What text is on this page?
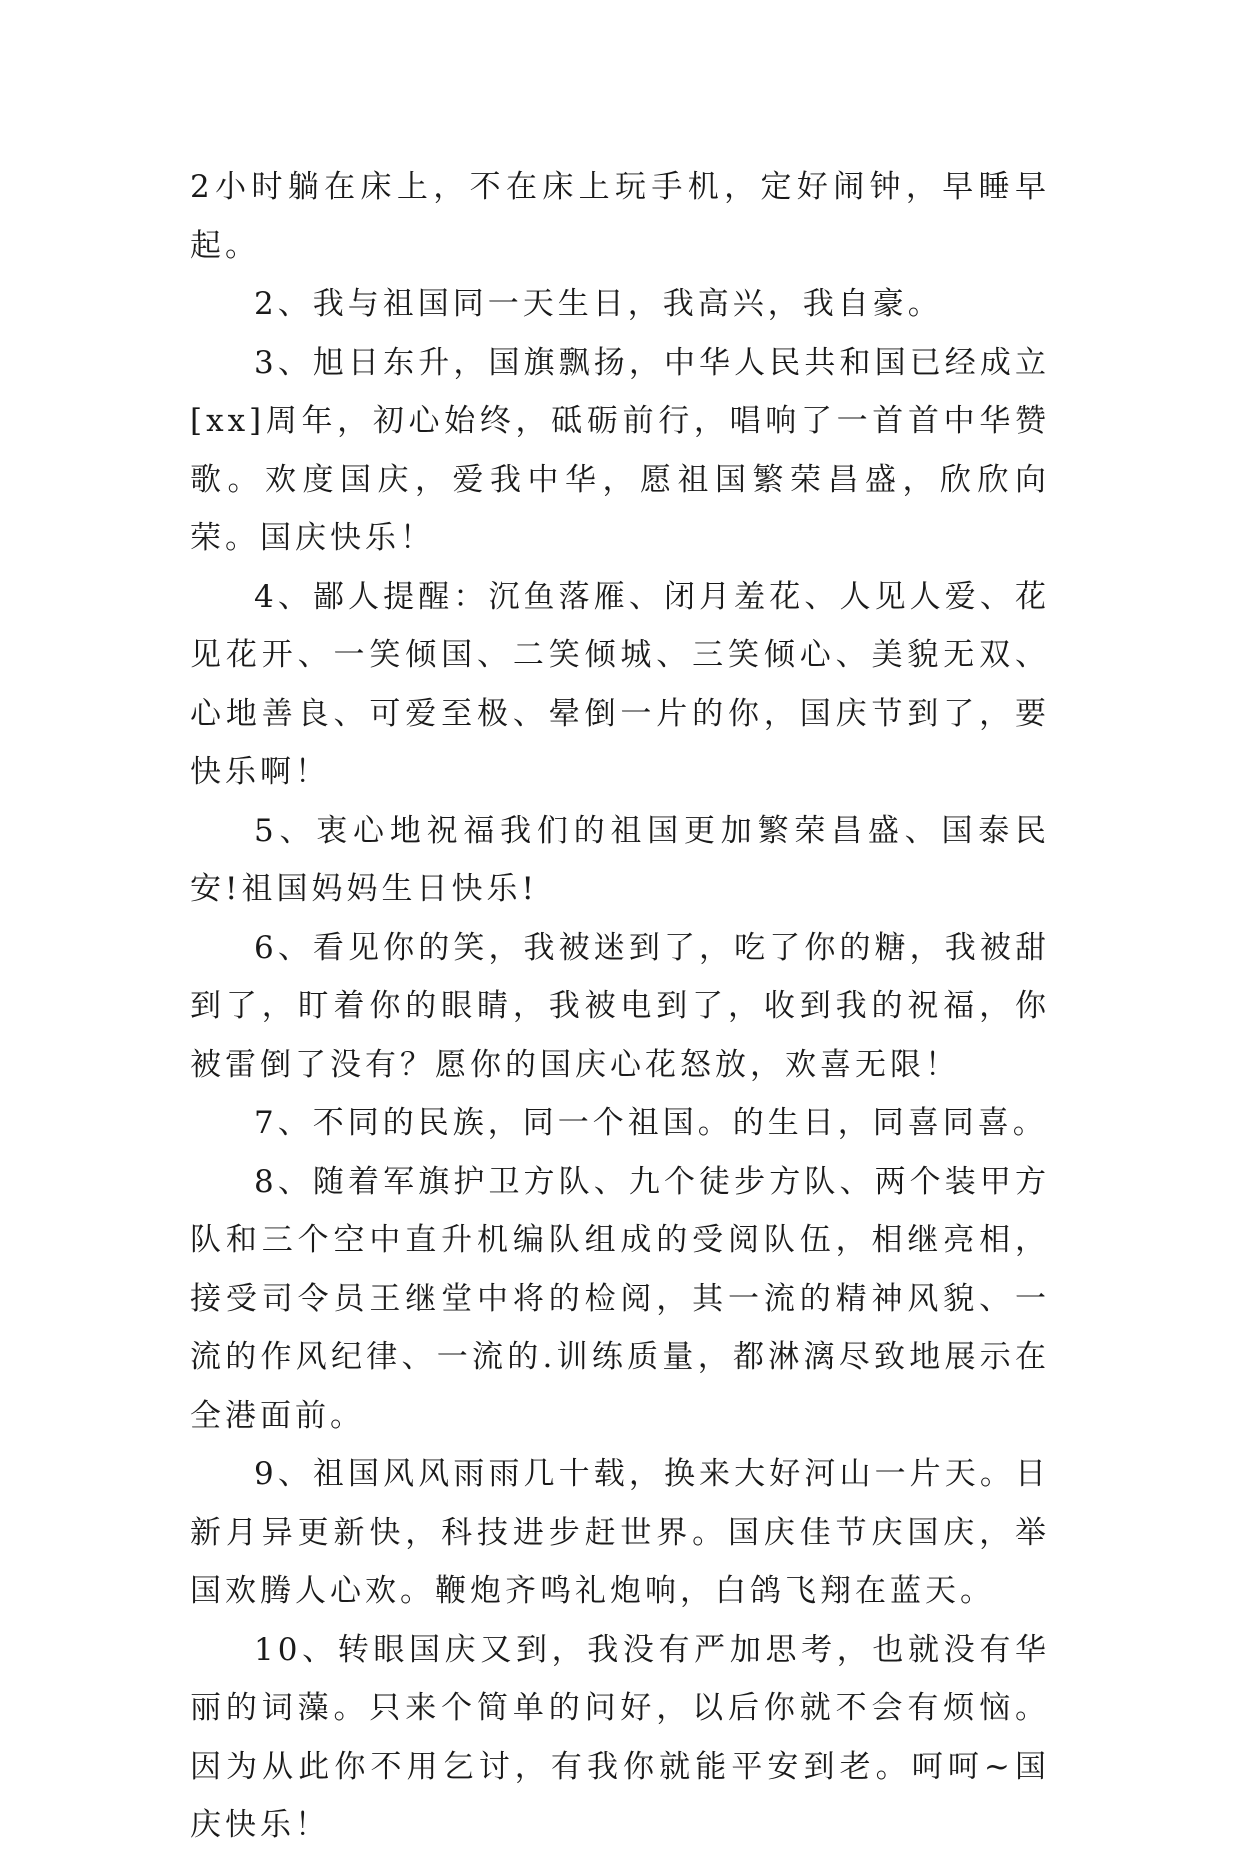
2小时躺在床上，不在床上玩手机，定好闹钟，早睡早起。

2、我与祖国同一天生日，我高兴，我自豪。

3、旭日东升，国旗飘扬，中华人民共和国已经成立[xx]周年，初心始终，砥砺前行，唱响了一首首中华赞歌。欢度国庆，爱我中华，愿祖国繁荣昌盛，欣欣向荣。国庆快乐！

4、鄙人提醒：沉鱼落雁、闭月羞花、人见人爱、花见花开、一笑倾国、二笑倾城、三笑倾心、美貌无双、心地善良、可爱至极、晕倒一片的你，国庆节到了，要快乐啊！

5、衷心地祝福我们的祖国更加繁荣昌盛、国泰民安!祖国妈妈生日快乐!

6、看见你的笑，我被迷到了，吃了你的糖，我被甜到了，盯着你的眼睛，我被电到了，收到我的祝福，你被雷倒了没有？愿你的国庆心花怒放，欢喜无限！

7、不同的民族，同一个祖国。的生日，同喜同喜。

8、随着军旗护卫方队、九个徒步方队、两个装甲方队和三个空中直升机编队组成的受阅队伍，相继亮相，接受司令员王继堂中将的检阅，其一流的精神风貌、一流的作风纪律、一流的.训练质量，都淋漓尽致地展示在全港面前。

9、祖国风风雨雨几十载，换来大好河山一片天。日新月异更新快，科技进步赶世界。国庆佳节庆国庆，举国欢腾人心欢。鞭炮齐鸣礼炮响，白鸽飞翔在蓝天。

10、转眼国庆又到，我没有严加思考，也就没有华丽的词藻。只来个简单的问好，以后你就不会有烦恼。因为从此你不用乞讨，有我你就能平安到老。呵呵~国庆快乐！
